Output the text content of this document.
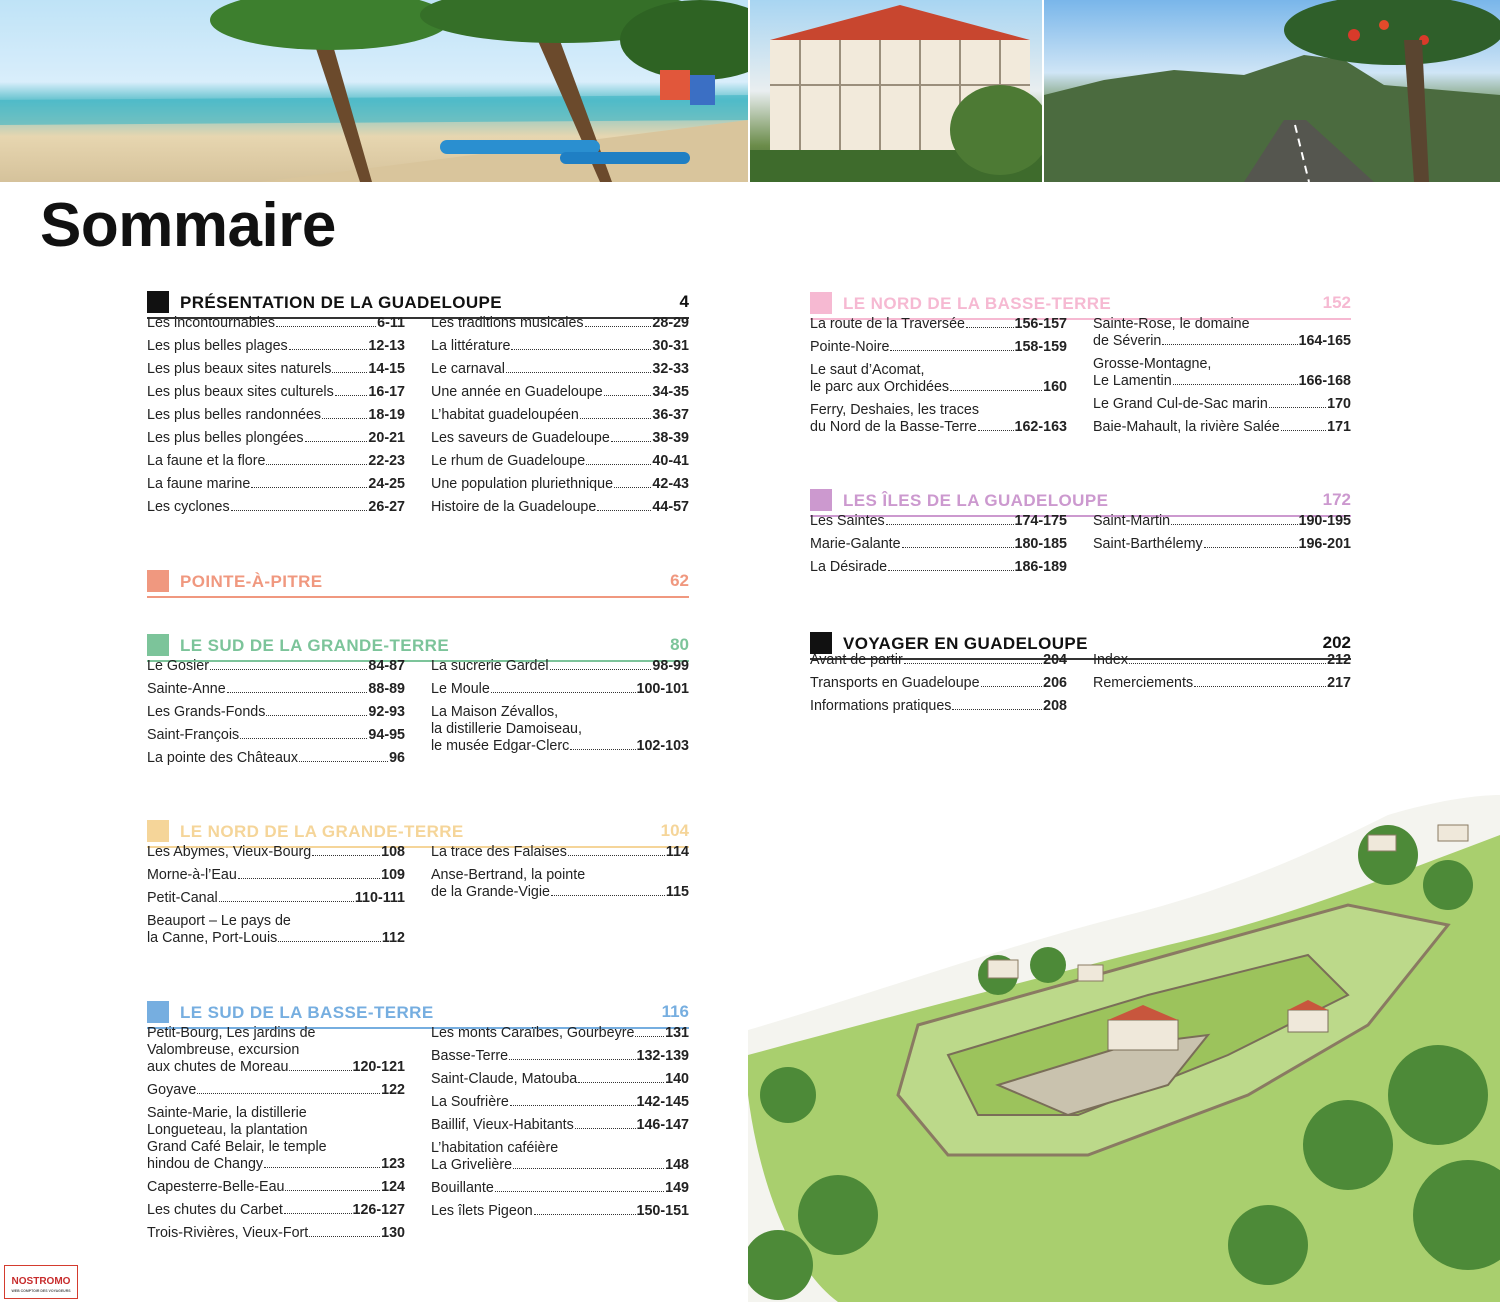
Sommaire
PRÉSENTATION DE LA GUADELOUPE	4
Les incontournables	6-11
Les plus belles plages	12-13
Les plus beaux sites naturels	14-15
Les plus beaux sites culturels 16-17
Les plus belles randonnées	18-19
Les plus belles plongées	20-21
La faune et la flore	22-23
La faune marine	24-25
Les cyclones	26-27
Les traditions musicales	28-29
La littérature	30-31
Le carnaval	32-33
Une année en Guadeloupe	34-35
L’habitat guadeloupéen	36-37
Les saveurs de Guadeloupe	38-39
Le rhum de Guadeloupe	40-41
Une population pluriethnique	42-43
Histoire de la Guadeloupe	44-57
POINTE-À-PITRE	62
LE SUD DE LA GRANDE-TERRE	80
Le Gosier	84-87
Sainte-Anne	88-89
Les Grands-Fonds	92-93
Saint-François	94-95
La pointe des Châteaux	96
La sucrerie Gardel	98-99
Le Moule	100-101
La Maison Zévallos,
la distillerie Damoiseau,
le musée Edgar-Clerc	102-103
LE NORD DE LA GRANDE-TERRE	104
Les Abymes, Vieux-Bourg	108
Morne-à-l’Eau	109
Petit-Canal	110-111
Beauport – Le pays de
la Canne, Port-Louis	112
La trace des Falaises	114
Anse-Bertrand, la pointe
de la Grande-Vigie	115
LE SUD DE LA BASSE-TERRE	116
Petit-Bourg, Les jardins de
Valombreuse, excursion
aux chutes de Moreau	120-121
Goyave	122
Sainte-Marie, la distillerie
Longueteau, la plantation
Grand Café Belair, le temple
hindou de Changy	123
Capesterre-Belle-Eau	124
Les chutes du Carbet	126-127
Trois-Rivières, Vieux-Fort	130
Les monts Caraïbes, Gourbeyre 131
Basse-Terre	132-139
Saint-Claude, Matouba	140
La Soufrière	142-145
Baillif, Vieux-Habitants	146-147
L’habitation caféière
La Grivelière	148
Bouillante	149
Les îlets Pigeon	150-151
LE NORD DE LA BASSE-TERRE	152
La route de la Traversée	156-157
Pointe-Noire	158-159
Le saut d’Acomat,
le parc aux Orchidées	160
Ferry, Deshaies, les traces
du Nord de la Basse-Terre	162-163
Sainte-Rose, le domaine
de Séverin	164-165
Grosse-Montagne,
Le Lamentin	166-168
Le Grand Cul-de-Sac marin	170
Baie-Mahault, la rivière Salée	171
LES ÎLES DE LA GUADELOUPE	172
Les Saintes	174-175
Marie-Galante	180-185
La Désirade	186-189
Saint-Martin	190-195
Saint-Barthélemy	196-201
VOYAGER EN GUADELOUPE	202
Avant de partir	204
Transports en Guadeloupe	206
Informations pratiques	208
Index	212
Remerciements	217
NOSTROMO
WEB COMPTOIR DES VOYAGEURS
